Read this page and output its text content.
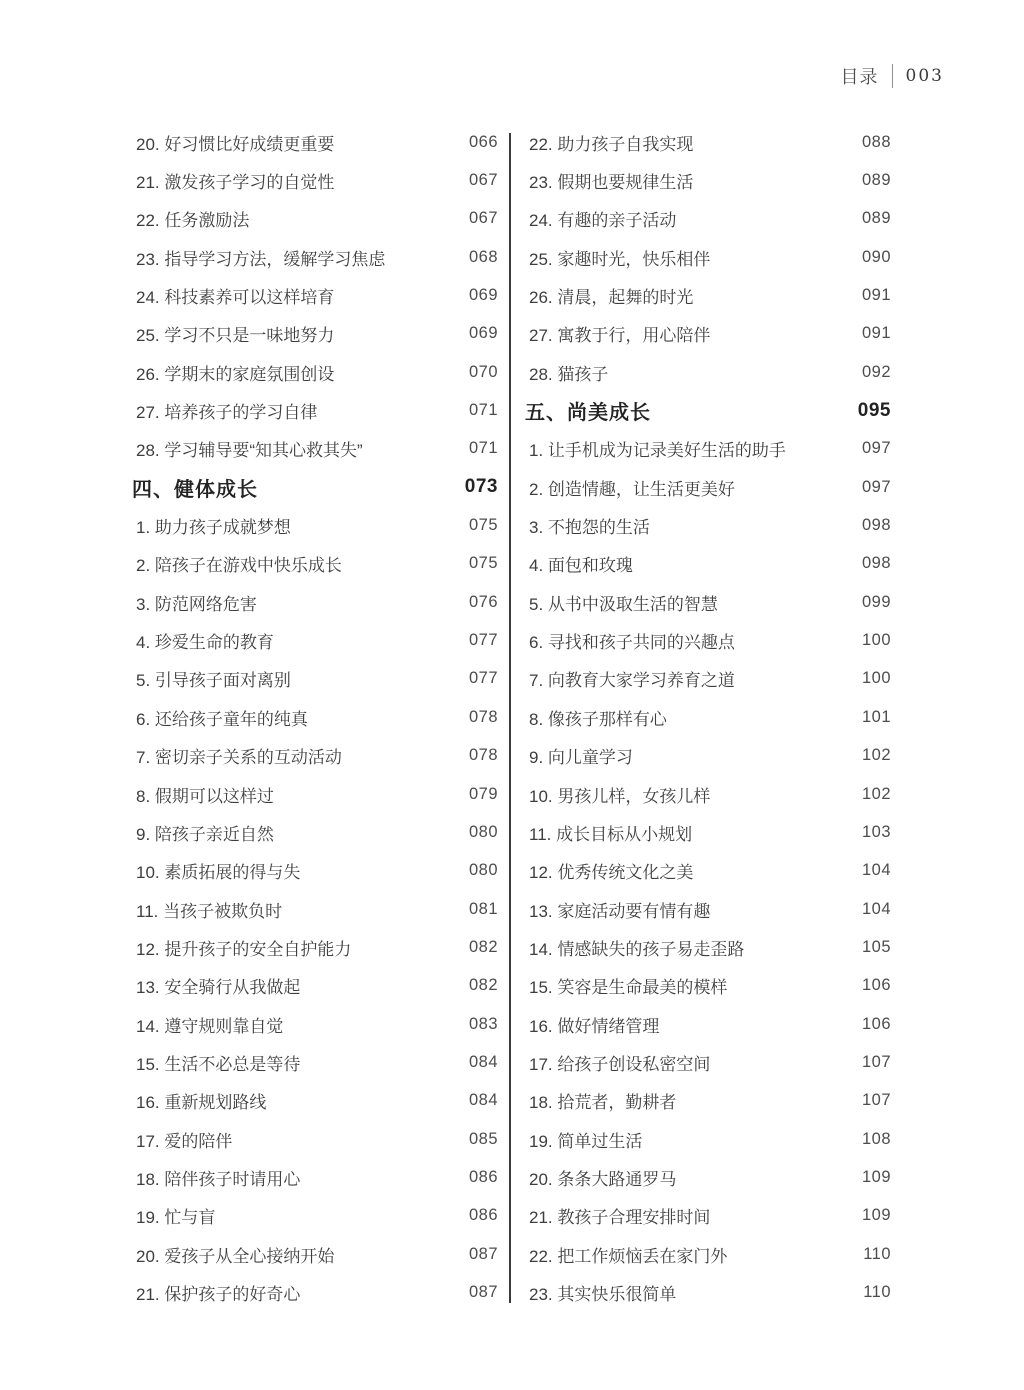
目录 003
20. 好习惯比好成绩更重要	066
21. 激发孩子学习的自觉性	067
22. 任务激励法	067
23. 指导学习方法，缓解学习焦虑	068
24. 科技素养可以这样培育	069
25. 学习不只是一味地努力	069
26. 学期末的家庭氛围创设	070
27. 培养孩子的学习自律	071
28. 学习辅导要“知其心救其失”	071
四、健体成长	073
1. 助力孩子成就梦想	075
2. 陪孩子在游戏中快乐成长	075
3. 防范网络危害	076
4. 珍爱生命的教育	077
5. 引导孩子面对离别	077
6. 还给孩子童年的纯真	078
7. 密切亲子关系的互动活动	078
8. 假期可以这样过	079
9. 陪孩子亲近自然	080
10. 素质拓展的得与失	080
11. 当孩子被欺负时	081
12. 提升孩子的安全自护能力	082
13. 安全骑行从我做起	082
14. 遵守规则靠自觉	083
15. 生活不必总是等待	084
16. 重新规划路线	084
17. 爱的陪伴	085
18. 陪伴孩子时请用心	086
19. 忙与盲	086
20. 爱孩子从全心接纳开始	087
21. 保护孩子的好奇心	087
22. 助力孩子自我实现	088
23. 假期也要规律生活	089
24. 有趣的亲子活动	089
25. 家趣时光，快乐相伴	090
26. 清晨，起舞的时光	091
27. 寓教于行，用心陪伴	091
28. 猫孩子	092
五、尚美成长	095
1. 让手机成为记录美好生活的助手	097
2. 创造情趣，让生活更美好	097
3. 不抱怨的生活	098
4. 面包和玫瑰	098
5. 从书中汲取生活的智慧	099
6. 寻找和孩子共同的兴趣点	100
7. 向教育大家学习养育之道	100
8. 像孩子那样有心	101
9. 向儿童学习	102
10. 男孩儿样，女孩儿样	102
11. 成长目标从小规划	103
12. 优秀传统文化之美	104
13. 家庭活动要有情有趣	104
14. 情感缺失的孩子易走歪路	105
15. 笑容是生命最美的模样	106
16. 做好情绪管理	106
17. 给孩子创设私密空间	107
18. 拾荒者，勤耕者	107
19. 简单过生活	108
20. 条条大路通罗马	109
21. 教孩子合理安排时间	109
22. 把工作烦恼丢在家门外	110
23. 其实快乐很简单	110
